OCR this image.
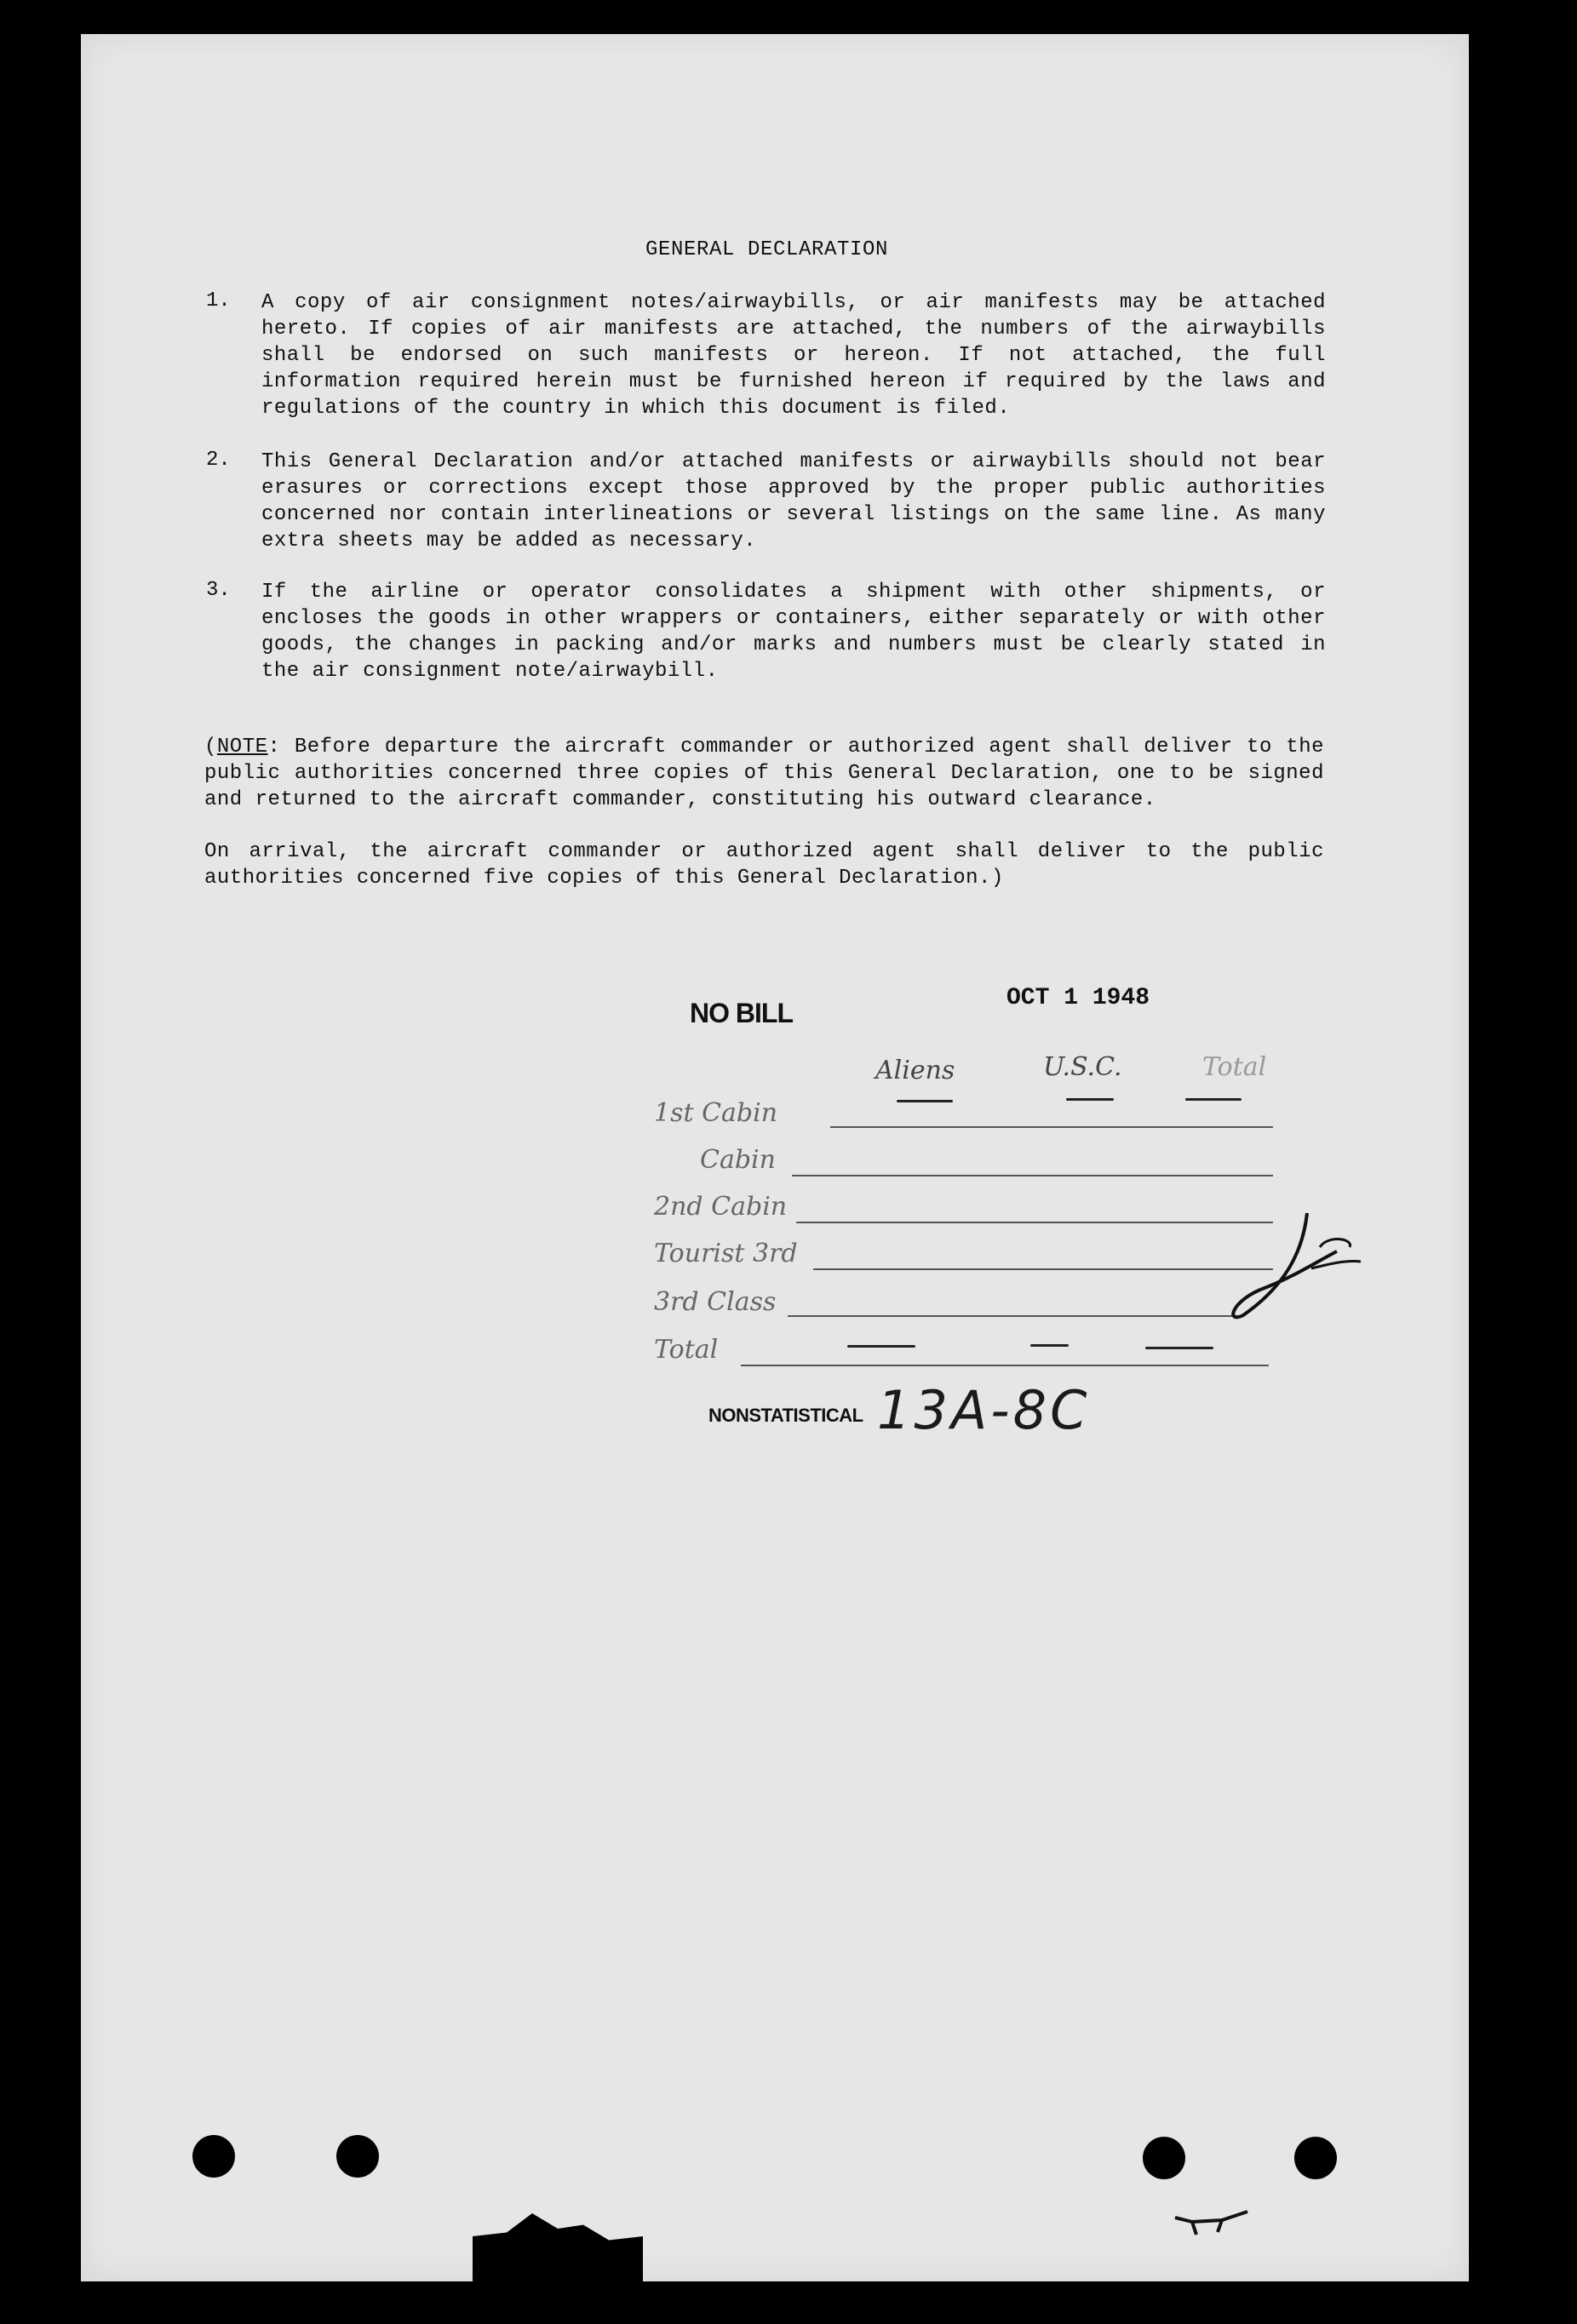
GENERAL DECLARATION
1. A copy of air consignment notes/airwaybills, or air manifests may be attached hereto. If copies of air manifests are attached, the numbers of the airwaybills shall be endorsed on such manifests or hereon. If not attached, the full information required herein must be furnished hereon if required by the laws and regulations of the country in which this document is filed.
2. This General Declaration and/or attached manifests or airwaybills should not bear erasures or corrections except those approved by the proper public authorities concerned nor contain interlineations or several listings on the same line. As many extra sheets may be added as necessary.
3. If the airline or operator consolidates a shipment with other shipments, or encloses the goods in other wrappers or containers, either separately or with other goods, the changes in packing and/or marks and numbers must be clearly stated in the air consignment note/airwaybill.
(NOTE: Before departure the aircraft commander or authorized agent shall deliver to the public authorities concerned three copies of this General Declaration, one to be signed and returned to the aircraft commander, constituting his outward clearance.
On arrival, the aircraft commander or authorized agent shall deliver to the public authorities concerned five copies of this General Declaration.)
NO BILL	OCT 1 1948
Aliens	U.S.C.	Total
1st Cabin
Cabin
2nd Cabin
Tourist 3rd
3rd Class
Total
NONSTATISTICAL 13A-8C
